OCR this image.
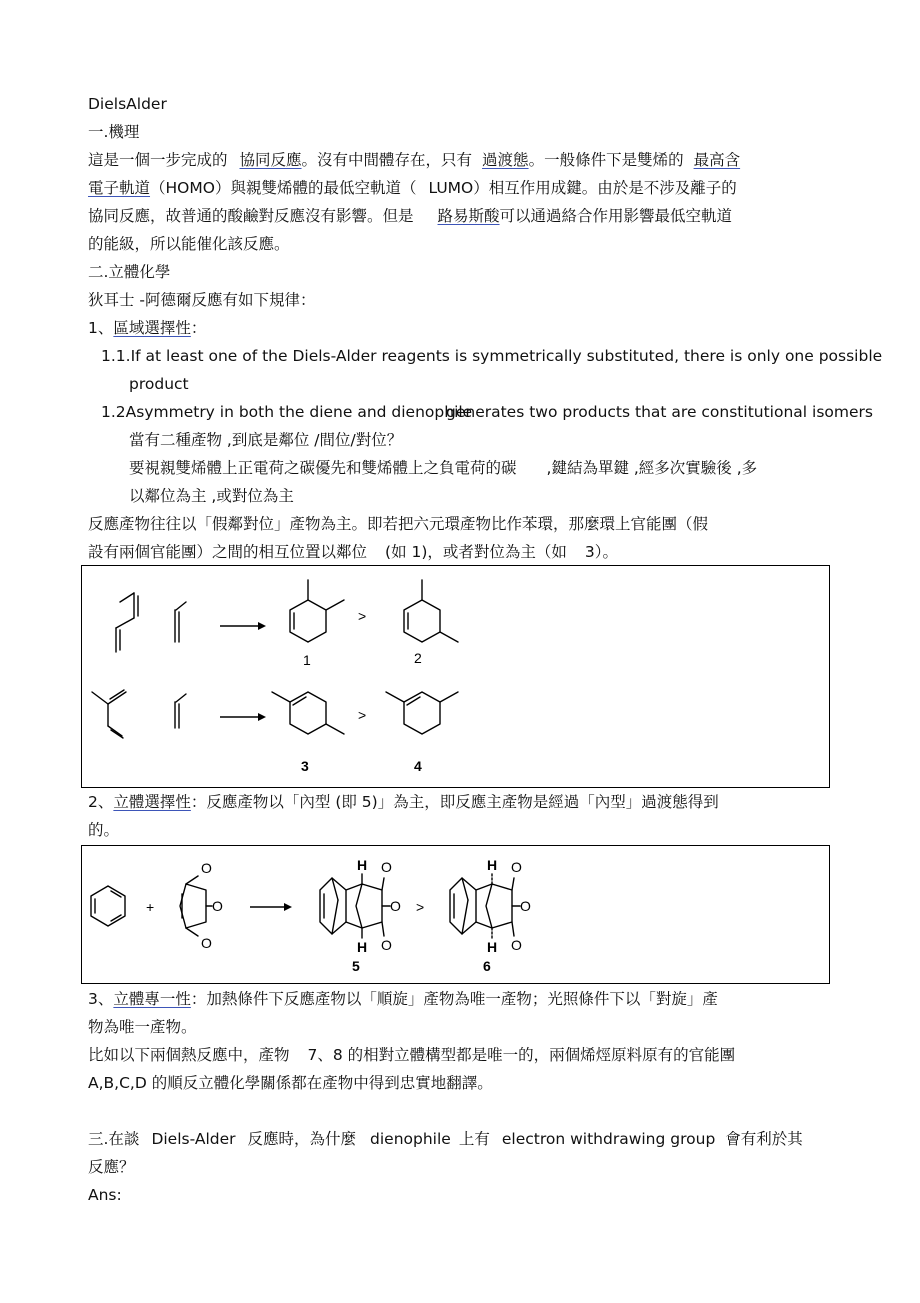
DielsAlder
一.機理
這是一個一步完成的 協同反應。沒有中間體存在，只有 過渡態。一般條件下是雙烯的 最高含
電子軌道（HOMO）與親雙烯體的最低空軌道（ LUMO）相互作用成鍵。由於是不涉及離子的
協同反應，故普通的酸鹼對反應沒有影響。但是 路易斯酸可以通過絡合作用影響最低空軌道
的能級，所以能催化該反應。
二.立體化學
狄耳士 -阿德爾反應有如下規律：
1、區域選擇性：
1.1.If at least one of the Diels-Alder reagents is symmetrically substituted, there is only one possible
product
1.2Asymmetry in both the diene and dienophile
generates two products that are constitutional isomers
當有二種產物 ,到底是鄰位 /間位/對位？
要視親雙烯體上正電荷之碳優先和雙烯體上之負電荷的碳 ,鍵結為單鍵 ,經多次實驗後 ,多
以鄰位為主 ,或對位為主
反應產物往往以「假鄰對位」產物為主。即若把六元環產物比作苯環，那麼環上官能團（假
設有兩個官能團）之間的相互位置以鄰位 (如 1)，或者對位為主（如 3）。
>
1	2
>
3	4
2、立體選擇性：反應產物以「內型 (即 5)」為主，即反應主產物是經過「內型」過渡態得到
的。
+
O
O
O
H
H
O
O
O
5
>
H
H
O
O
O
6
3、立體專一性：加熱條件下反應產物以「順旋」產物為唯一產物；光照條件下以「對旋」產
物為唯一產物。
比如以下兩個熱反應中，產物 7、8 的相對立體構型都是唯一的，兩個烯烴原料原有的官能團
A,B,C,D 的順反立體化學關係都在產物中得到忠實地翻譯。
三.在談 Diels-Alder 反應時，為什麼 dienophile 上有 electron withdrawing group 會有利於其
反應？
Ans:
